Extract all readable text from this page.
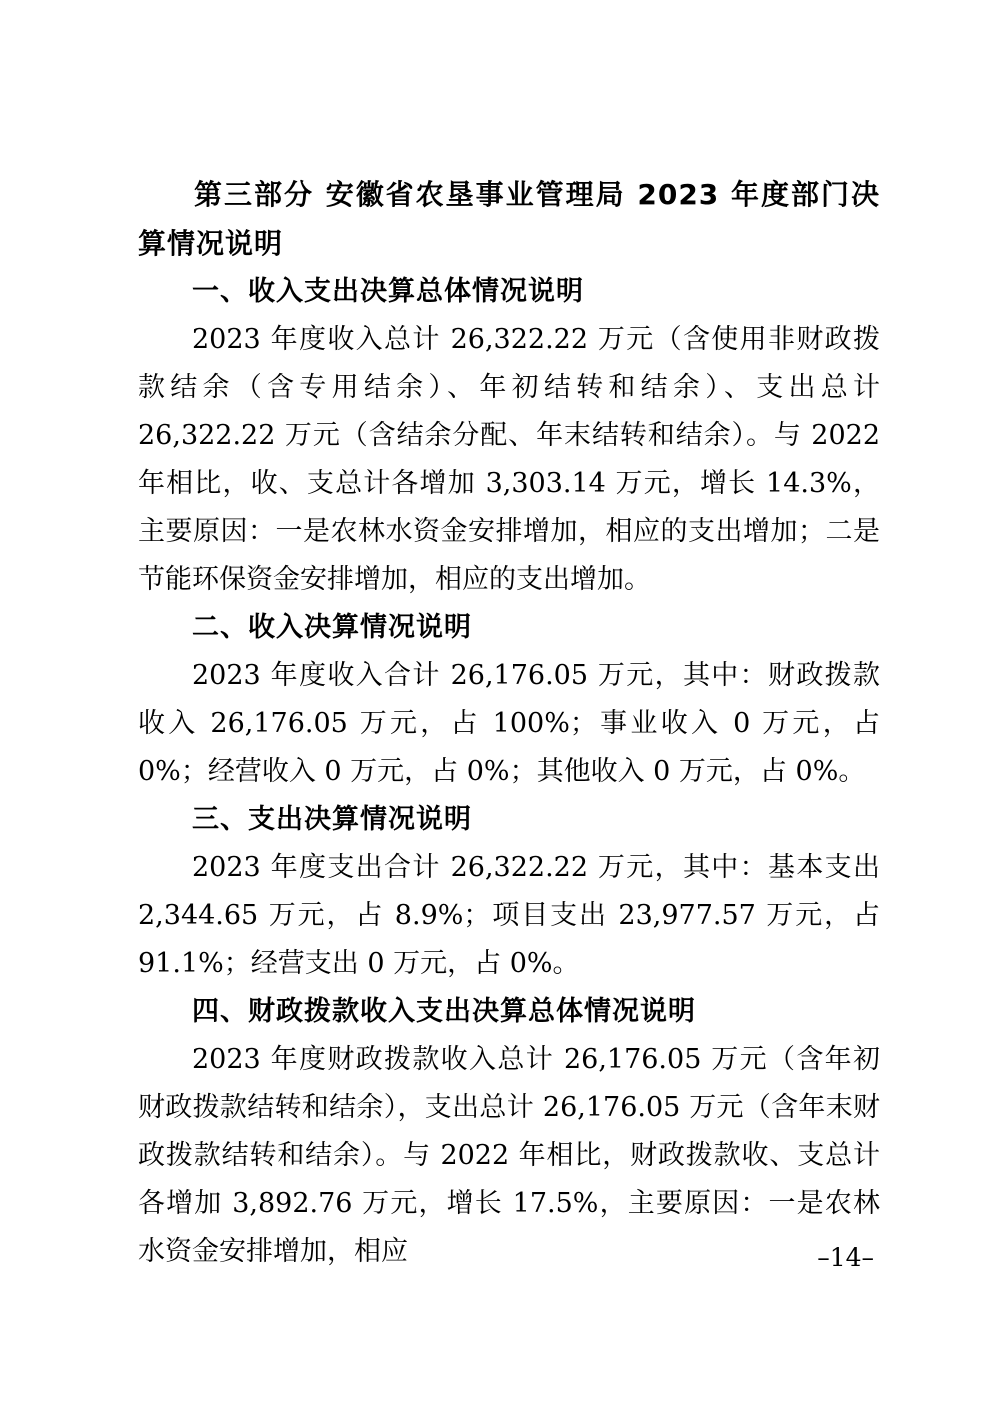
第三部分 安徽省农垦事业管理局 2023 年度部门决算情况说明
一、收入支出决算总体情况说明

2023 年度收入总计 26,322.22 万元（含使用非财政拨款结余（含专用结余）、年初结转和结余）、支出总计 26,322.22 万元（含结余分配、年末结转和结余）。与 2022 年相比，收、支总计各增加 3,303.14 万元，增长 14.3%，主要原因：一是农林水资金安排增加，相应的支出增加；二是节能环保资金安排增加，相应的支出增加。

二、收入决算情况说明

2023 年度收入合计 26,176.05 万元，其中：财政拨款收入 26,176.05 万元，占 100%；事业收入 0 万元，占 0%；经营收入 0 万元，占 0%；其他收入 0 万元，占 0%。

三、支出决算情况说明

2023 年度支出合计 26,322.22 万元，其中：基本支出 2,344.65 万元，占 8.9%；项目支出 23,977.57 万元，占 91.1%；经营支出 0 万元，占 0%。

四、财政拨款收入支出决算总体情况说明

2023 年度财政拨款收入总计 26,176.05 万元（含年初财政拨款结转和结余），支出总计 26,176.05 万元（含年末财政拨款结转和结余）。与 2022 年相比，财政拨款收、支总计各增加 3,892.76 万元，增长 17.5%，主要原因：一是农林水资金安排增加，相应	–14–
